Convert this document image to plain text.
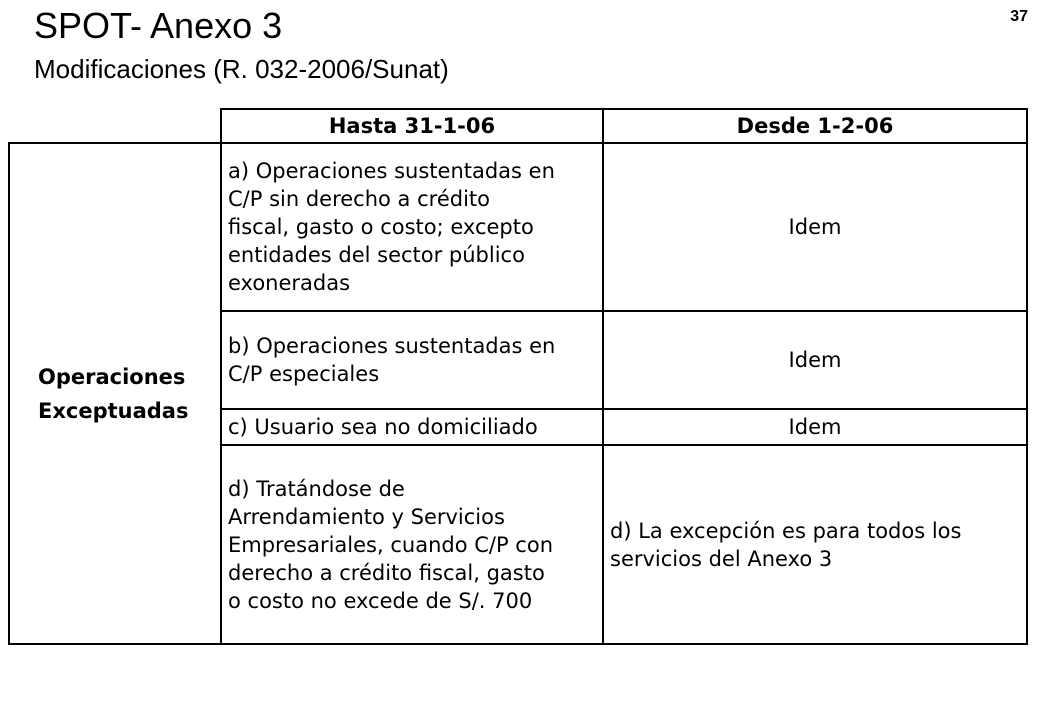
SPOT- Anexo 3
Modificaciones (R. 032-2006/Sunat)
37
Hasta 31-1-06	Desde 1-2-06
Operaciones
Exceptuadas
a) Operaciones sustentadas en
C/P sin derecho a crédito
fiscal, gasto o costo; excepto
entidades del sector público
exoneradas
Idem
b) Operaciones sustentadas en
C/P especiales
Idem
c) Usuario sea no domiciliado	Idem
d) Tratándose de
Arrendamiento y Servicios
Empresariales, cuando C/P con
derecho a crédito fiscal, gasto
o costo no excede de S/. 700
d) La excepción es para todos los
servicios del Anexo 3
